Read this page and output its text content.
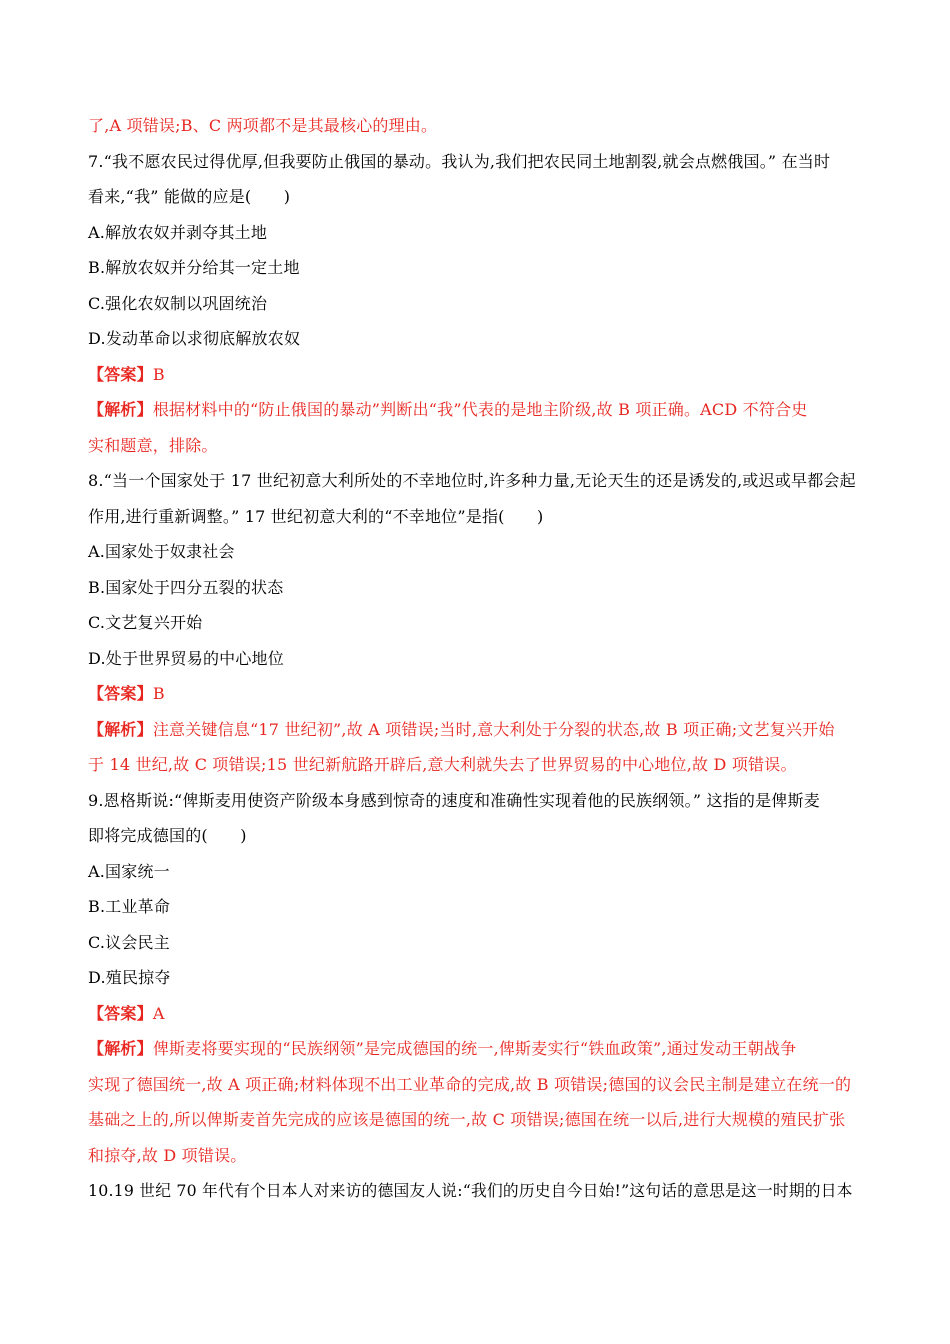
了,A 项错误;B、C 两项都不是其最核心的理由。
7.“我不愿农民过得优厚,但我要防止俄国的暴动。我认为,我们把农民同土地割裂,就会点燃俄国。” 在当时
看来,“我” 能做的应是(　　)
A.解放农奴并剥夺其土地
B.解放农奴并分给其一定土地
C.强化农奴制以巩固统治
D.发动革命以求彻底解放农奴
【答案】B
【解析】根据材料中的“防止俄国的暴动”判断出“我”代表的是地主阶级,故 B 项正确。ACD 不符合史
实和题意，排除。
8.“当一个国家处于 17 世纪初意大利所处的不幸地位时,许多种力量,无论天生的还是诱发的,或迟或早都会起
作用,进行重新调整。” 17 世纪初意大利的“不幸地位”是指(　　)
A.国家处于奴隶社会
B.国家处于四分五裂的状态
C.文艺复兴开始
D.处于世界贸易的中心地位
【答案】B
【解析】注意关键信息“17 世纪初”,故 A 项错误;当时,意大利处于分裂的状态,故 B 项正确;文艺复兴开始
于 14 世纪,故 C 项错误;15 世纪新航路开辟后,意大利就失去了世界贸易的中心地位,故 D 项错误。
9.恩格斯说:“俾斯麦用使资产阶级本身感到惊奇的速度和准确性实现着他的民族纲领。” 这指的是俾斯麦
即将完成德国的(　　)
A.国家统一
B.工业革命
C.议会民主
D.殖民掠夺
【答案】A
【解析】俾斯麦将要实现的“民族纲领”是完成德国的统一,俾斯麦实行“铁血政策”,通过发动王朝战争
实现了德国统一,故 A 项正确;材料体现不出工业革命的完成,故 B 项错误;德国的议会民主制是建立在统一的
基础之上的,所以俾斯麦首先完成的应该是德国的统一,故 C 项错误;德国在统一以后,进行大规模的殖民扩张
和掠夺,故 D 项错误。
10.19 世纪 70 年代有个日本人对来访的德国友人说:“我们的历史自今日始!”这句话的意思是这一时期的日本
